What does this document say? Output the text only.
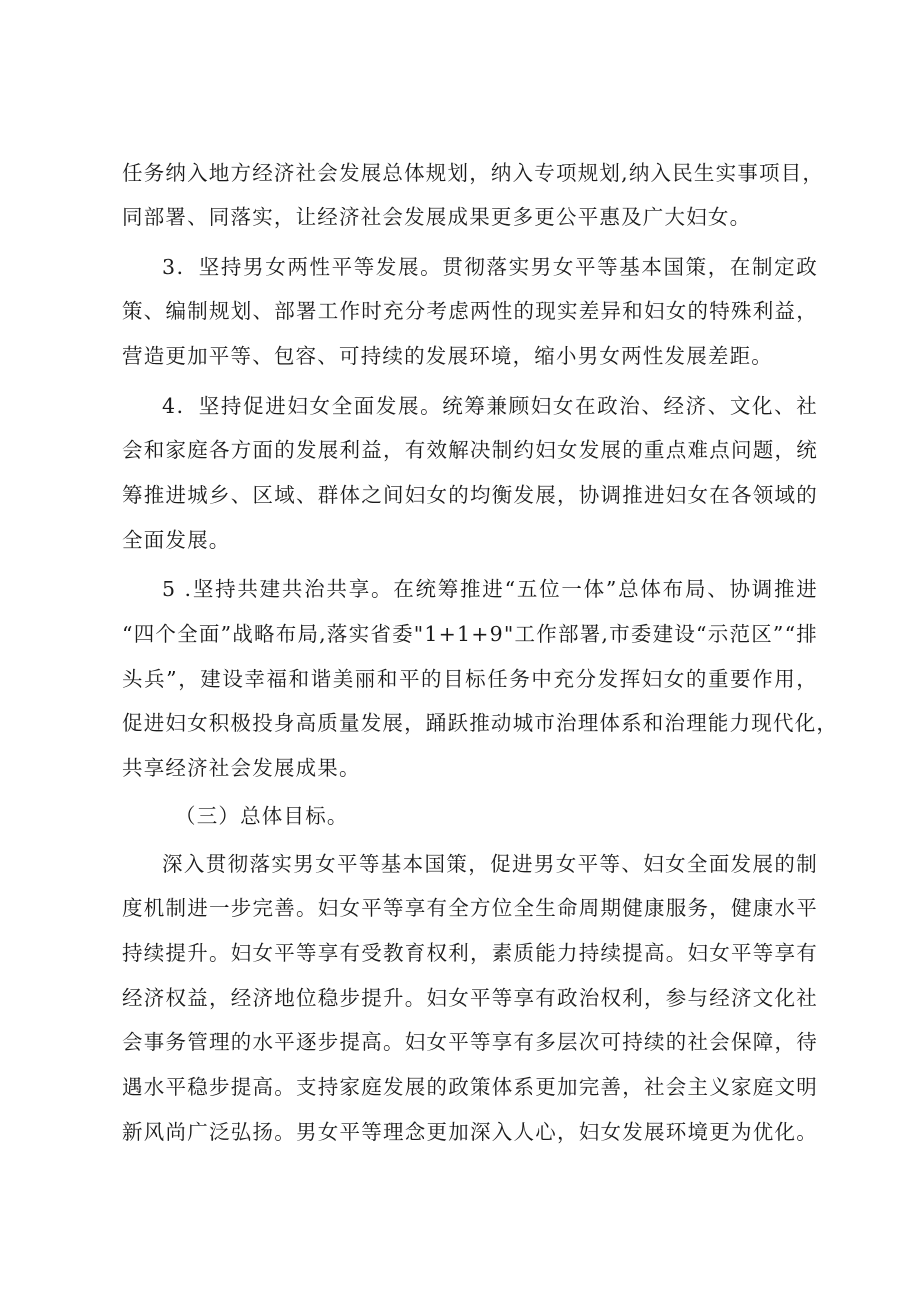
任务纳入地方经济社会发展总体规划，纳入专项规划,纳入民生实事项目，
同部署、同落实，让经济社会发展成果更多更公平惠及广大妇女。
3．坚持男女两性平等发展。贯彻落实男女平等基本国策，在制定政
策、编制规划、部署工作时充分考虑两性的现实差异和妇女的特殊利益，
营造更加平等、包容、可持续的发展环境，缩小男女两性发展差距。
4．坚持促进妇女全面发展。统筹兼顾妇女在政治、经济、文化、社
会和家庭各方面的发展利益，有效解决制约妇女发展的重点难点问题，统
筹推进城乡、区域、群体之间妇女的均衡发展，协调推进妇女在各领域的
全面发展。
5 .坚持共建共治共享。在统筹推进“五位一体”总体布局、协调推进
“四个全面”战略布局,落实省委"1+1+9"工作部署,市委建设“示范区”“排
头兵”，建设幸福和谐美丽和平的目标任务中充分发挥妇女的重要作用，
促进妇女积极投身高质量发展，踊跃推动城市治理体系和治理能力现代化，
共享经济社会发展成果。
（三）总体目标。
深入贯彻落实男女平等基本国策，促进男女平等、妇女全面发展的制
度机制进一步完善。妇女平等享有全方位全生命周期健康服务，健康水平
持续提升。妇女平等享有受教育权利，素质能力持续提高。妇女平等享有
经济权益，经济地位稳步提升。妇女平等享有政治权利，参与经济文化社
会事务管理的水平逐步提高。妇女平等享有多层次可持续的社会保障，待
遇水平稳步提高。支持家庭发展的政策体系更加完善，社会主义家庭文明
新风尚广泛弘扬。男女平等理念更加深入人心，妇女发展环境更为优化。
